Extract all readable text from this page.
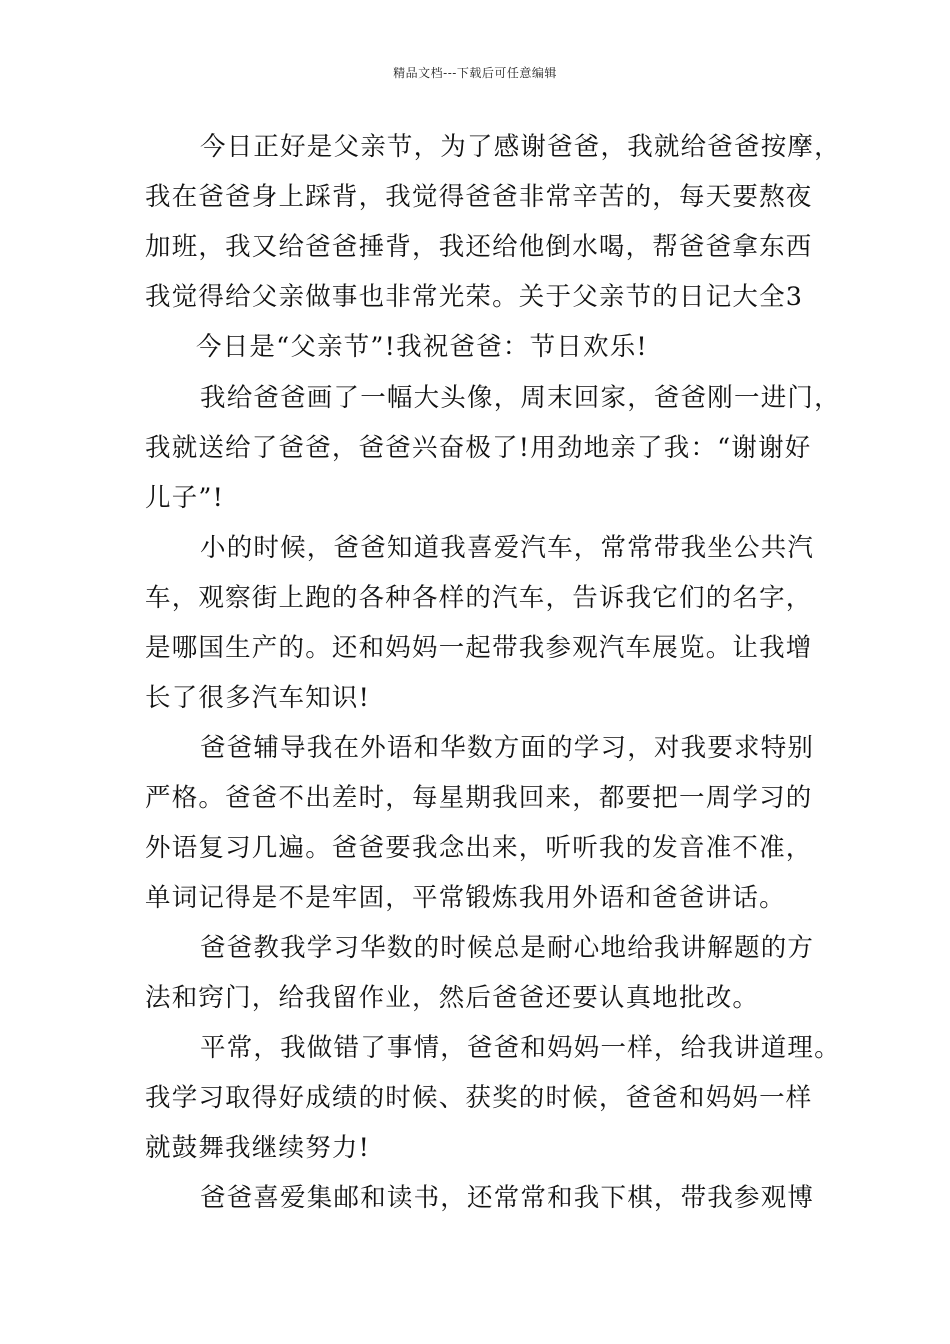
精品文档---下载后可任意编辑
今日正好是父亲节，为了感谢爸爸，我就给爸爸按摩，
我在爸爸身上踩背，我觉得爸爸非常辛苦的，每天要熬夜
加班，我又给爸爸捶背，我还给他倒水喝，帮爸爸拿东西
我觉得给父亲做事也非常光荣。关于父亲节的日记大全3
今日是“父亲节”!我祝爸爸：节日欢乐!
我给爸爸画了一幅大头像，周末回家，爸爸刚一进门，
我就送给了爸爸，爸爸兴奋极了!用劲地亲了我：“谢谢好
儿子”!
小的时候，爸爸知道我喜爱汽车，常常带我坐公共汽
车，观察街上跑的各种各样的汽车，告诉我它们的名字，
是哪国生产的。还和妈妈一起带我参观汽车展览。让我增
长了很多汽车知识!
爸爸辅导我在外语和华数方面的学习，对我要求特别
严格。爸爸不出差时，每星期我回来，都要把一周学习的
外语复习几遍。爸爸要我念出来，听听我的发音准不准，
单词记得是不是牢固，平常锻炼我用外语和爸爸讲话。
爸爸教我学习华数的时候总是耐心地给我讲解题的方
法和窍门，给我留作业，然后爸爸还要认真地批改。
平常，我做错了事情，爸爸和妈妈一样，给我讲道理。
我学习取得好成绩的时候、获奖的时候，爸爸和妈妈一样
就鼓舞我继续努力!
爸爸喜爱集邮和读书，还常常和我下棋，带我参观博
